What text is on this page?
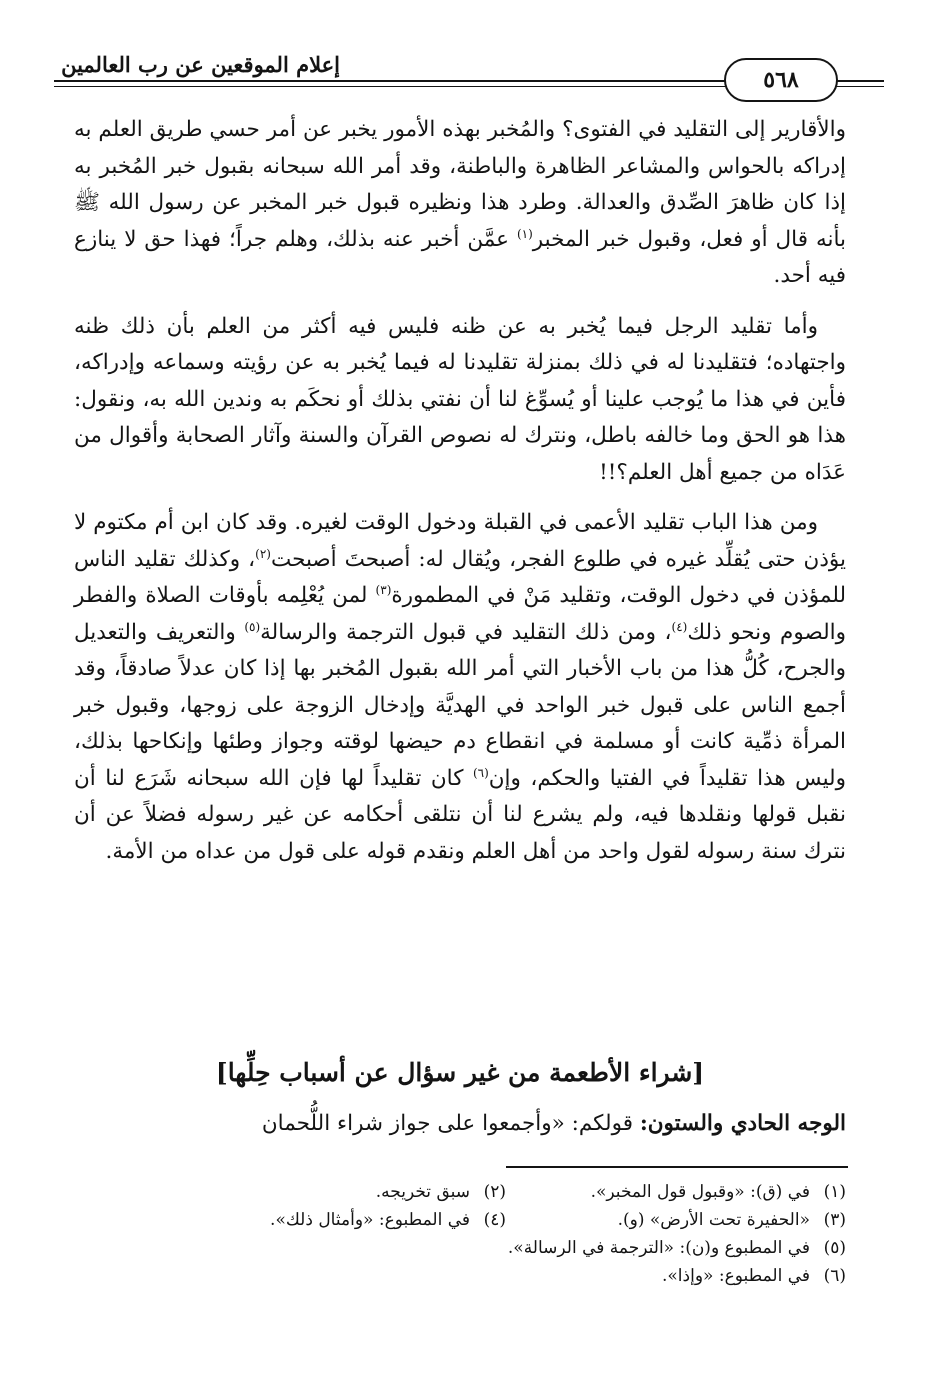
إعلام الموقعين عن رب العالمين
٥٦٨

والأقارير إلى التقليد في الفتوى؟ والمُخبر بهذه الأمور يخبر عن أمر حسي طريق العلم به إدراكه بالحواس والمشاعر الظاهرة والباطنة، وقد أمر الله سبحانه بقبول خبر المُخبر به إذا كان ظاهرَ الصِّدق والعدالة. وطرد هذا ونظيره قبول خبر المخبر عن رسول الله ﷺ بأنه قال أو فعل، وقبول خبر المخبر$^{(١)}$ عمَّن أخبر عنه بذلك، وهلم جراً؛ فهذا حق لا ينازع فيه أحد.

وأما تقليد الرجل فيما يُخبر به عن ظنه فليس فيه أكثر من العلم بأن ذلك ظنه واجتهاده؛ فتقليدنا له في ذلك بمنزلة تقليدنا له فيما يُخبر به عن رؤيته وسماعه وإدراكه، فأين في هذا ما يُوجب علينا أو يُسوِّغ لنا أن نفتي بذلك أو نحكَم به وندين الله به، ونقول: هذا هو الحق وما خالفه باطل، ونترك له نصوص القرآن والسنة وآثار الصحابة وأقوال من عَدَاه من جميع أهل العلم؟!!

ومن هذا الباب تقليد الأعمى في القبلة ودخول الوقت لغيره. وقد كان ابن أم مكتوم لا يؤذن حتى يُقلِّد غيره في طلوع الفجر، ويُقال له: أصبحتَ أصبحت$^{(٢)}$، وكذلك تقليد الناس للمؤذن في دخول الوقت، وتقليد مَنْ في المطمورة$^{(٣)}$ لمن يُعْلِمه بأوقات الصلاة والفطر والصوم ونحو ذلك$^{(٤)}$، ومن ذلك التقليد في قبول الترجمة والرسالة$^{(٥)}$ والتعريف والتعديل والجرح، كُلُّ هذا من باب الأخبار التي أمر الله بقبول المُخبر بها إذا كان عدلاً صادقاً، وقد أجمع الناس على قبول خبر الواحد في الهديَّة وإدخال الزوجة على زوجها، وقبول خبر المرأة ذمِّية كانت أو مسلمة في انقطاع دم حيضها لوقته وجواز وطئها وإنكاحها بذلك، وليس هذا تقليداً في الفتيا والحكم، وإن$^{(٦)}$ كان تقليداً لها فإن الله سبحانه شَرَع لنا أن نقبل قولها ونقلدها فيه، ولم يشرع لنا أن نتلقى أحكامه عن غير رسوله فضلاً عن أن نترك سنة رسوله لقول واحد من أهل العلم ونقدم قوله على قول من عداه من الأمة.

[شراء الأطعمة من غير سؤال عن أسباب حِلِّها]
الوجه الحادي والستون: قولكم: «وأجمعوا على جواز شراء اللُّحمان
(١)
في (ق): «وقبول قول المخبر».
(٢)
سبق تخريجه.
(٣)
«الحفيرة تحت الأرض» (و).
(٤)
في المطبوع: «وأمثال ذلك».
(٥)
في المطبوع و(ن): «الترجمة في الرسالة».
(٦)
في المطبوع: «وإذا».
